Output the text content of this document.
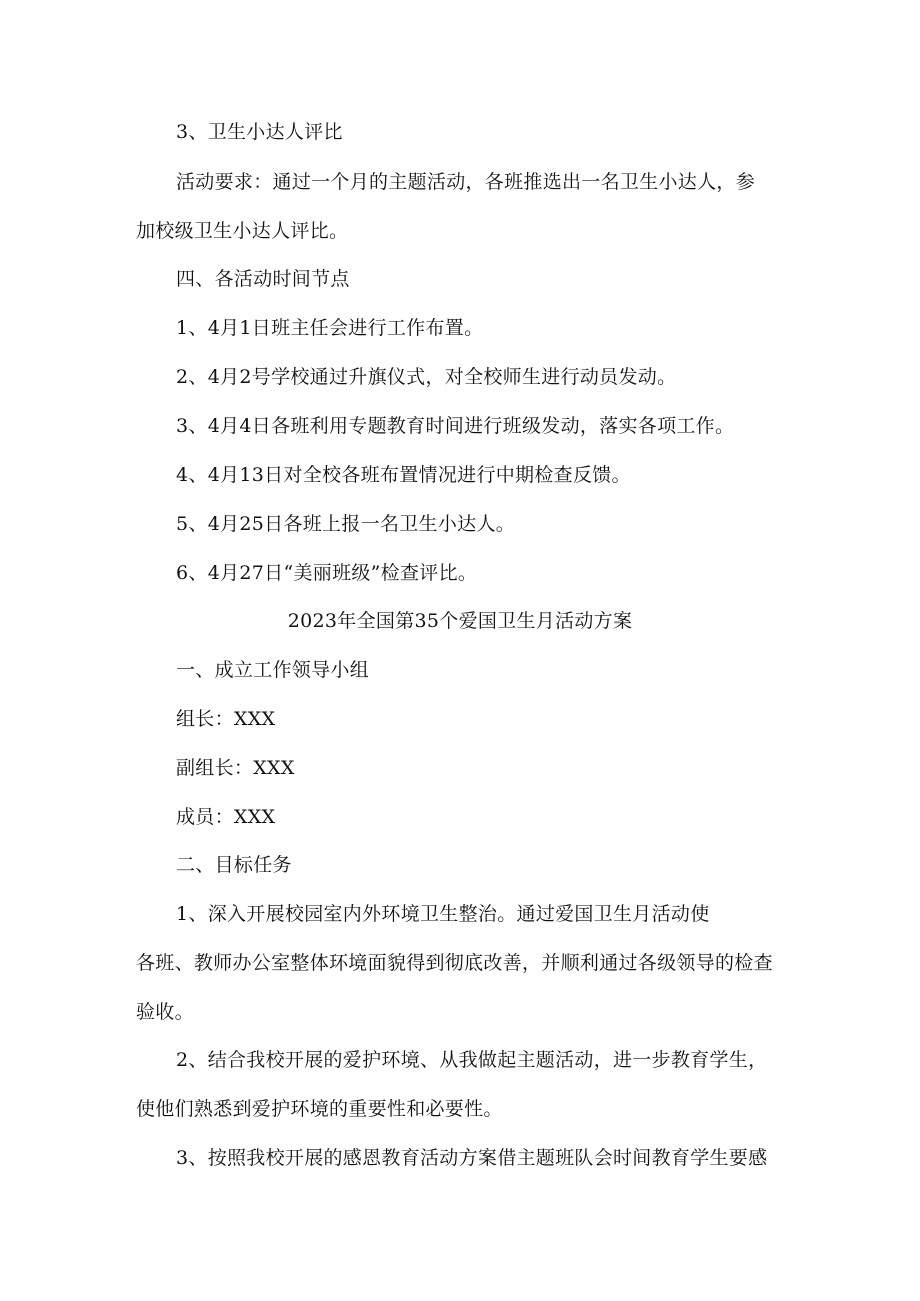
3、卫生小达人评比
活动要求：通过一个月的主题活动，各班推选出一名卫生小达人，参
加校级卫生小达人评比。
四、各活动时间节点
1、4月1日班主任会进行工作布置。
2、4月2号学校通过升旗仪式，对全校师生进行动员发动。
3、4月4日各班利用专题教育时间进行班级发动，落实各项工作。
4、4月13日对全校各班布置情况进行中期检查反馈。
5、4月25日各班上报一名卫生小达人。
6、4月27日“美丽班级”检查评比。
2023年全国第35个爱国卫生月活动方案
一、成立工作领导小组
组长：XXX
副组长：XXX
成员：XXX
二、目标任务
1、深入开展校园室内外环境卫生整治。通过爱国卫生月活动使
各班、教师办公室整体环境面貌得到彻底改善，并顺利通过各级领导的检查
验收。
2、结合我校开展的爱护环境、从我做起主题活动，进一步教育学生，
使他们熟悉到爱护环境的重要性和必要性。
3、按照我校开展的感恩教育活动方案借主题班队会时间教育学生要感
